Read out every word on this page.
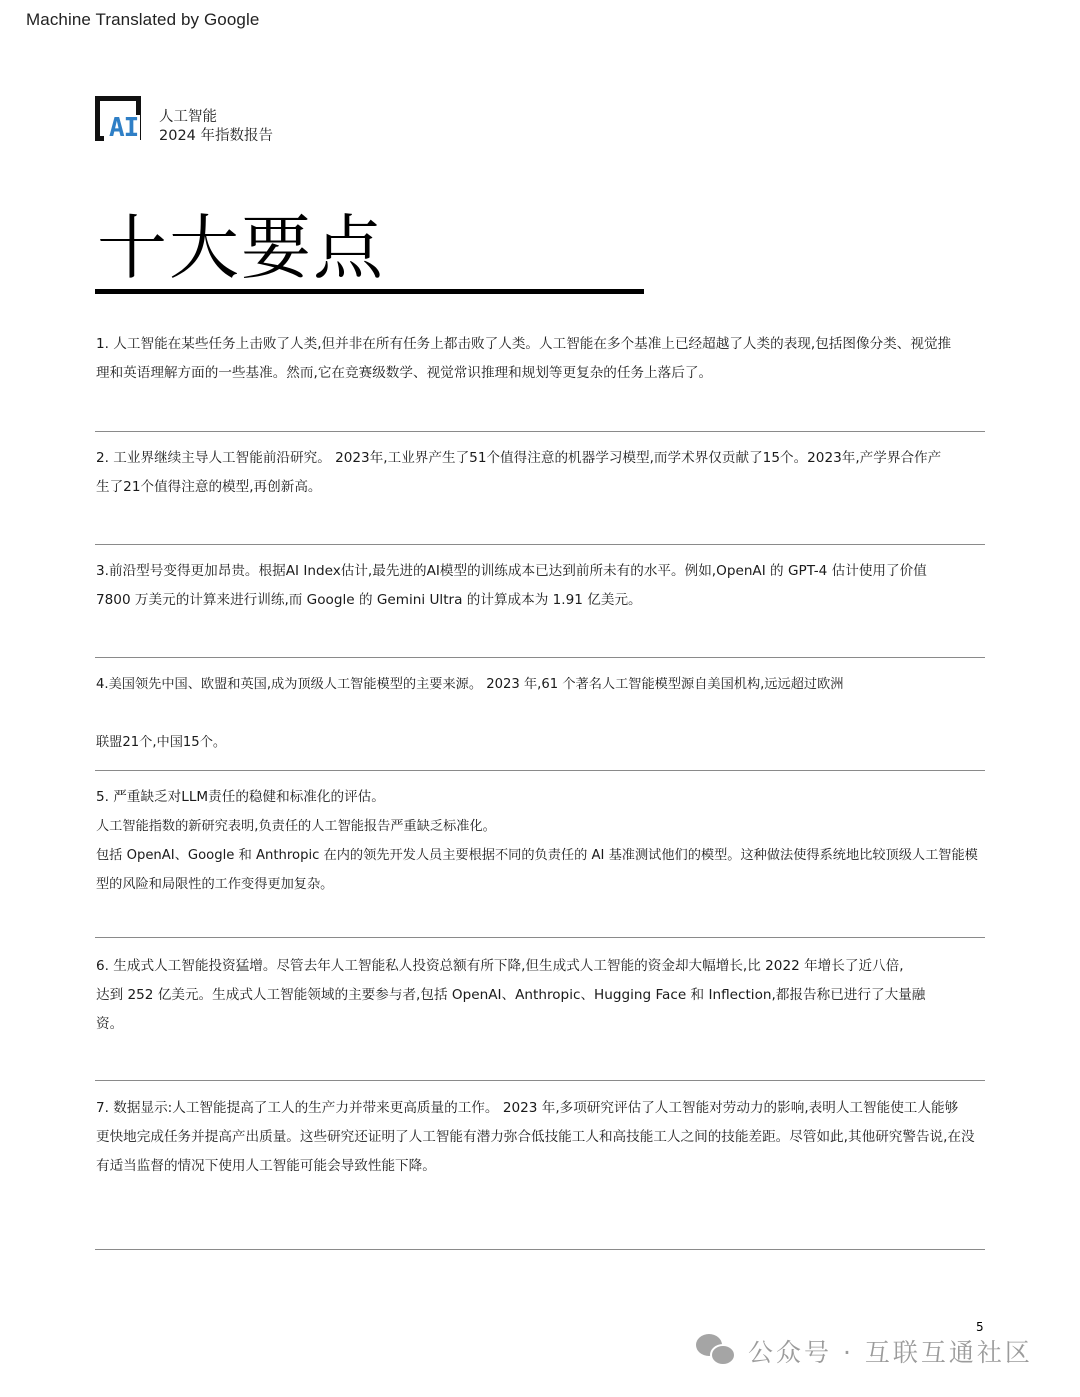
Machine Translated by Google
AI 人工智能
2024 年指数报告
十大要点

1. 人工智能在某些任务上击败了人类,但并非在所有任务上都击败了人类。人工智能在多个基准上已经超越了人类的表现,包括图像分类、视觉推

理和英语理解方面的一些基准。然而,它在竞赛级数学、视觉常识推理和规划等更复杂的任务上落后了。

2. 工业界继续主导人工智能前沿研究。 2023年,工业界产生了51个值得注意的机器学习模型,而学术界仅贡献了15个。2023年,产学界合作产

生了21个值得注意的模型,再创新高。

3.前沿型号变得更加昂贵。根据AI Index估计,最先进的AI模型的训练成本已达到前所未有的水平。例如,OpenAI 的 GPT-4 估计使用了价值

7800 万美元的计算来进行训练,而 Google 的 Gemini Ultra 的计算成本为 1.91 亿美元。

4.美国领先中国、欧盟和英国,成为顶级人工智能模型的主要来源。 2023 年,61 个著名人工智能模型源自美国机构,远远超过欧洲

联盟21个,中国15个。

5. 严重缺乏对LLM责任的稳健和标准化的评估。

人工智能指数的新研究表明,负责任的人工智能报告严重缺乏标准化。

包括 OpenAI、Google 和 Anthropic 在内的领先开发人员主要根据不同的负责任的 AI 基准测试他们的模型。这种做法使得系统地比较顶级人工智能模

型的风险和局限性的工作变得更加复杂。

6. 生成式人工智能投资猛增。尽管去年人工智能私人投资总额有所下降,但生成式人工智能的资金却大幅增长,比 2022 年增长了近八倍,

达到 252 亿美元。生成式人工智能领域的主要参与者,包括 OpenAI、Anthropic、Hugging Face 和 Inflection,都报告称已进行了大量融

资。

7. 数据显示:人工智能提高了工人的生产力并带来更高质量的工作。 2023 年,多项研究评估了人工智能对劳动力的影响,表明人工智能使工人能够

更快地完成任务并提高产出质量。这些研究还证明了人工智能有潜力弥合低技能工人和高技能工人之间的技能差距。尽管如此,其他研究警告说,在没

有适当监督的情况下使用人工智能可能会导致性能下降。

5
公众号 · 互联互通社区
